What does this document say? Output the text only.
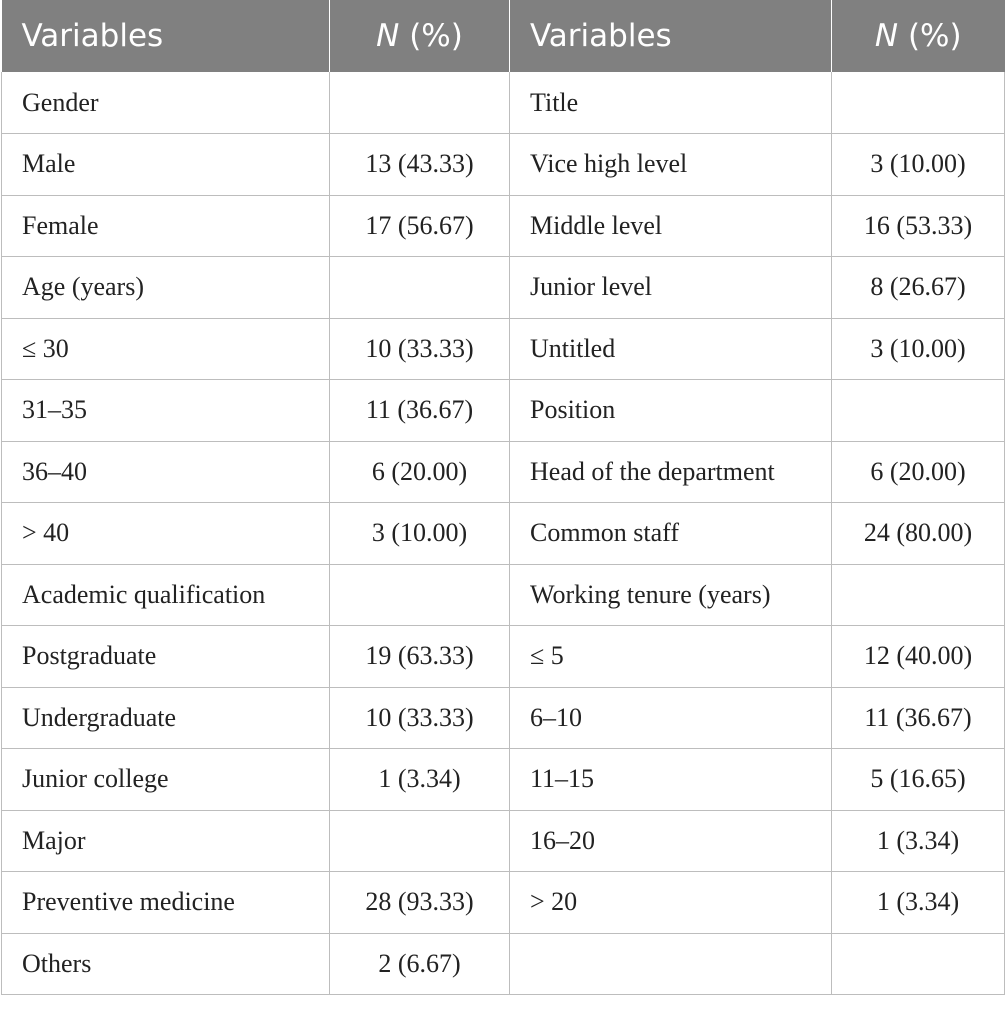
Variables	N (%)	Variables	N (%)
Gender		Title	
Male	13 (43.33)	Vice high level	3 (10.00)
Female	17 (56.67)	Middle level	16 (53.33)
Age (years)		Junior level	8 (26.67)
≤ 30	10 (33.33)	Untitled	3 (10.00)
31–35	11 (36.67)	Position	
36–40	6 (20.00)	Head of the department	6 (20.00)
> 40	3 (10.00)	Common staff	24 (80.00)
Academic qualification		Working tenure (years)	
Postgraduate	19 (63.33)	≤ 5	12 (40.00)
Undergraduate	10 (33.33)	6–10	11 (36.67)
Junior college	1 (3.34)	11–15	5 (16.65)
Major		16–20	1 (3.34)
Preventive medicine	28 (93.33)	> 20	1 (3.34)
Others	2 (6.67)		
